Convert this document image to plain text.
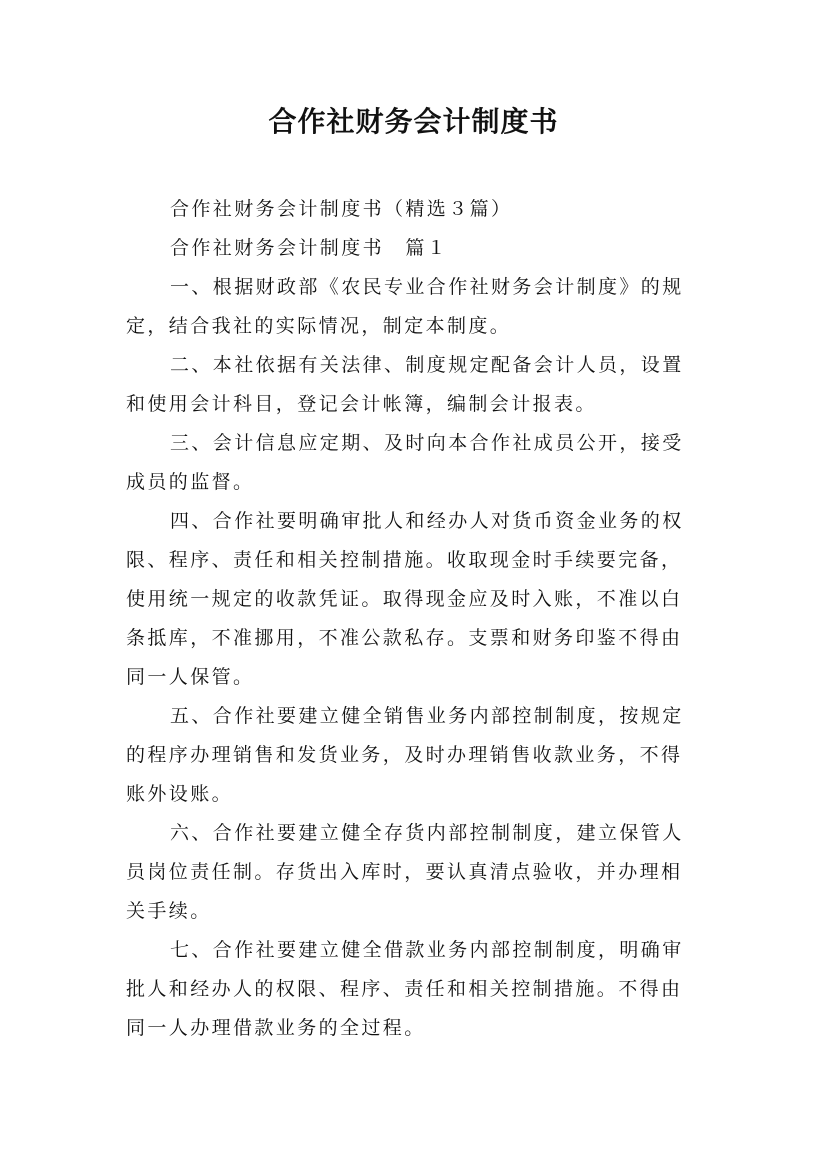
合作社财务会计制度书

合作社财务会计制度书（精选３篇）

合作社财务会计制度书　篇１

一、根据财政部《农民专业合作社财务会计制度》的规

定，结合我社的实际情况，制定本制度。

二、本社依据有关法律、制度规定配备会计人员，设置

和使用会计科目，登记会计帐簿，编制会计报表。

三、会计信息应定期、及时向本合作社成员公开，接受

成员的监督。

四、合作社要明确审批人和经办人对货币资金业务的权

限、程序、责任和相关控制措施。收取现金时手续要完备，

使用统一规定的收款凭证。取得现金应及时入账，不准以白

条抵库，不准挪用，不准公款私存。支票和财务印鉴不得由

同一人保管。

五、合作社要建立健全销售业务内部控制制度，按规定

的程序办理销售和发货业务，及时办理销售收款业务，不得

账外设账。

六、合作社要建立健全存货内部控制制度，建立保管人

员岗位责任制。存货出入库时，要认真清点验收，并办理相

关手续。

七、合作社要建立健全借款业务内部控制制度，明确审

批人和经办人的权限、程序、责任和相关控制措施。不得由

同一人办理借款业务的全过程。
